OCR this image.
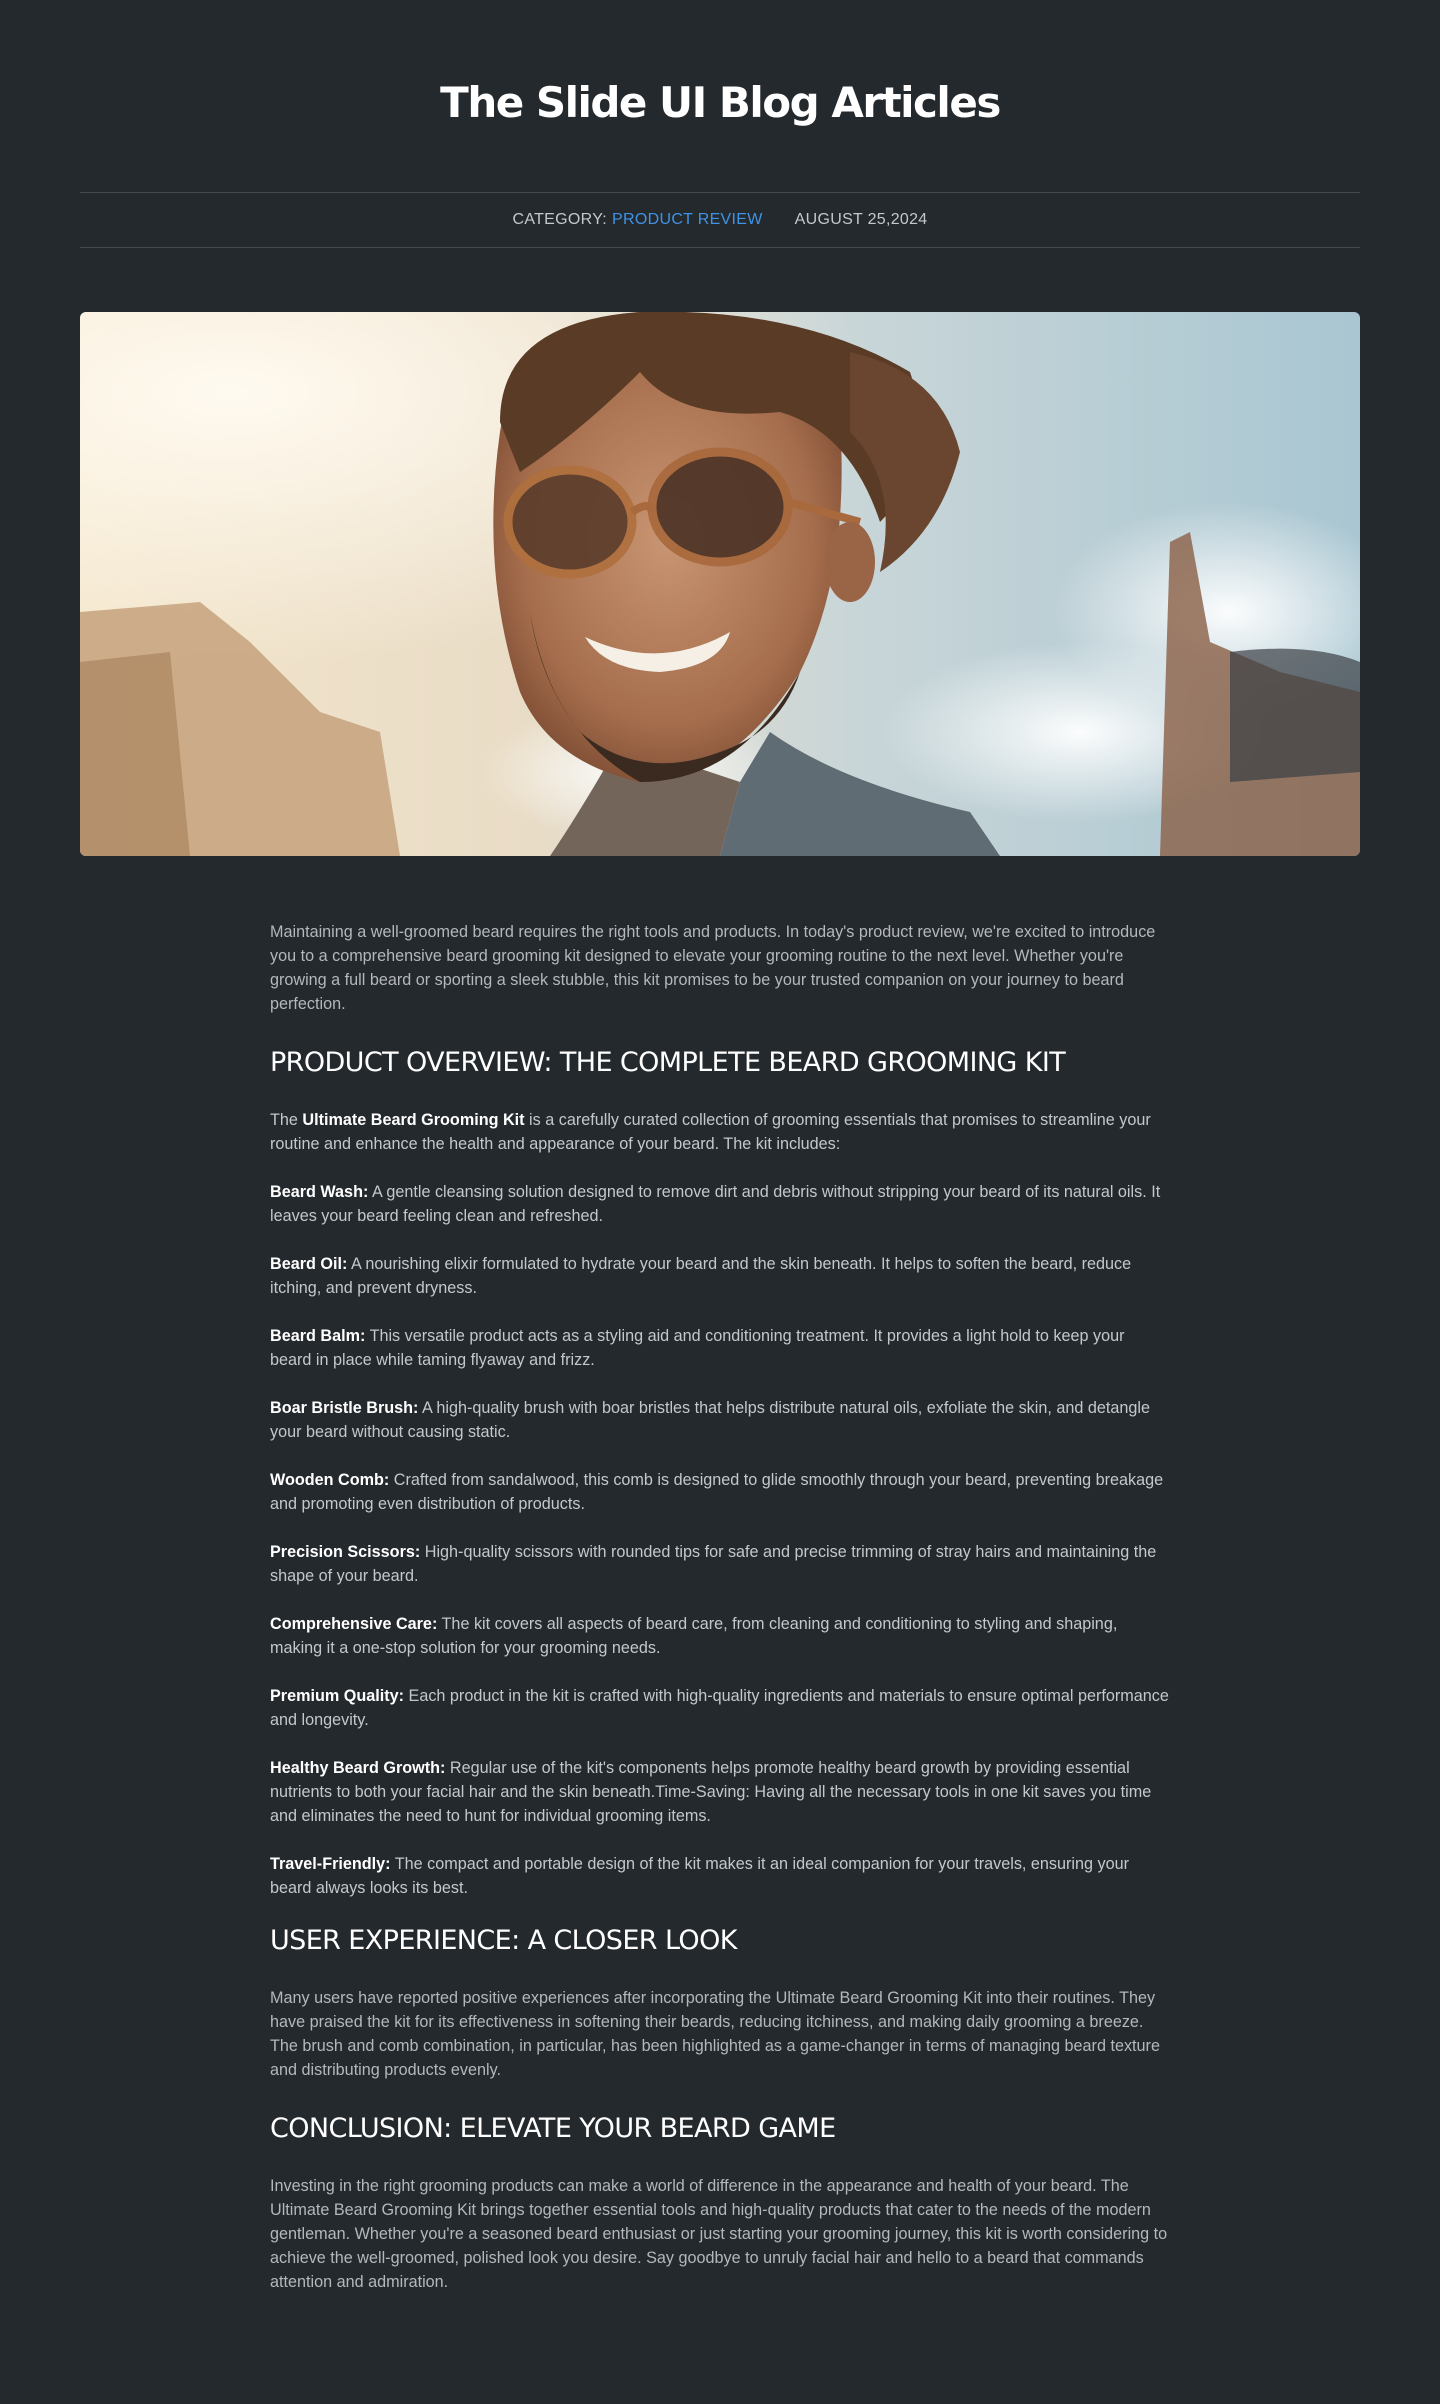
The Slide UI Blog Articles
CATEGORY: PRODUCT REVIEW AUGUST 25,2024

Maintaining a well-groomed beard requires the right tools and products. In today's product review, we're excited to introduce you to a comprehensive beard grooming kit designed to elevate your grooming routine to the next level. Whether you're growing a full beard or sporting a sleek stubble, this kit promises to be your trusted companion on your journey to beard perfection.

PRODUCT OVERVIEW: THE COMPLETE BEARD GROOMING KIT

The Ultimate Beard Grooming Kit is a carefully curated collection of grooming essentials that promises to streamline your routine and enhance the health and appearance of your beard. The kit includes:

Beard Wash: A gentle cleansing solution designed to remove dirt and debris without stripping your beard of its natural oils. It leaves your beard feeling clean and refreshed.

Beard Oil: A nourishing elixir formulated to hydrate your beard and the skin beneath. It helps to soften the beard, reduce itching, and prevent dryness.

Beard Balm: This versatile product acts as a styling aid and conditioning treatment. It provides a light hold to keep your beard in place while taming flyaway and frizz.

Boar Bristle Brush: A high-quality brush with boar bristles that helps distribute natural oils, exfoliate the skin, and detangle your beard without causing static.

Wooden Comb: Crafted from sandalwood, this comb is designed to glide smoothly through your beard, preventing breakage and promoting even distribution of products.

Precision Scissors: High-quality scissors with rounded tips for safe and precise trimming of stray hairs and maintaining the shape of your beard.

Comprehensive Care: The kit covers all aspects of beard care, from cleaning and conditioning to styling and shaping, making it a one-stop solution for your grooming needs.

Premium Quality: Each product in the kit is crafted with high-quality ingredients and materials to ensure optimal performance and longevity.

Healthy Beard Growth: Regular use of the kit's components helps promote healthy beard growth by providing essential nutrients to both your facial hair and the skin beneath.Time-Saving: Having all the necessary tools in one kit saves you time and eliminates the need to hunt for individual grooming items.

Travel-Friendly: The compact and portable design of the kit makes it an ideal companion for your travels, ensuring your beard always looks its best.

USER EXPERIENCE: A CLOSER LOOK

Many users have reported positive experiences after incorporating the Ultimate Beard Grooming Kit into their routines. They have praised the kit for its effectiveness in softening their beards, reducing itchiness, and making daily grooming a breeze. The brush and comb combination, in particular, has been highlighted as a game-changer in terms of managing beard texture and distributing products evenly.

CONCLUSION: ELEVATE YOUR BEARD GAME

Investing in the right grooming products can make a world of difference in the appearance and health of your beard. The Ultimate Beard Grooming Kit brings together essential tools and high-quality products that cater to the needs of the modern gentleman. Whether you're a seasoned beard enthusiast or just starting your grooming journey, this kit is worth considering to achieve the well-groomed, polished look you desire. Say goodbye to unruly facial hair and hello to a beard that commands attention and admiration.
